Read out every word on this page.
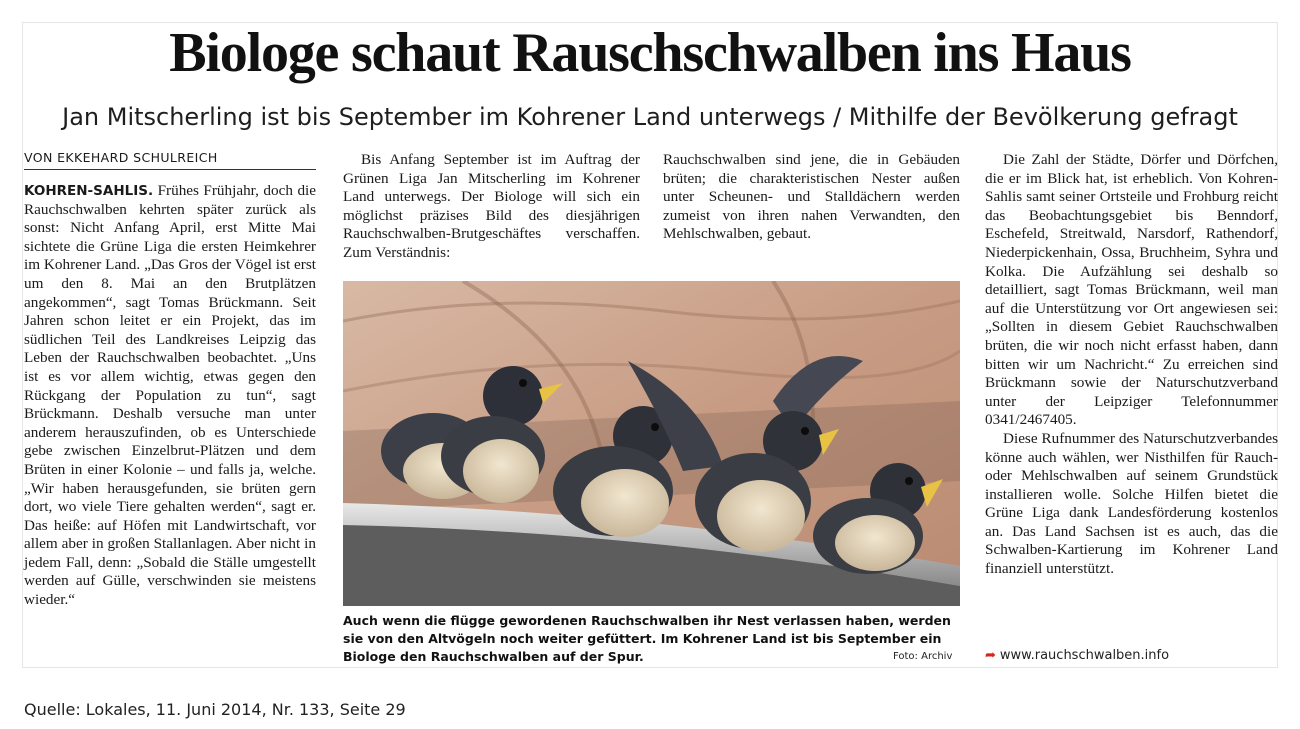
Biologe schaut Rauschschwalben ins Haus
Jan Mitscherling ist bis September im Kohrener Land unterwegs / Mithilfe der Bevölkerung gefragt
VON EKKEHARD SCHULREICH

KOHREN-SAHLIS. Frühes Frühjahr, doch die Rauchschwalben kehrten später zurück als sonst: Nicht Anfang April, erst Mitte Mai sichtete die Grüne Liga die ersten Heimkehrer im Kohrener Land. „Das Gros der Vögel ist erst um den 8. Mai an den Brutplätzen angekommen“, sagt Tomas Brückmann. Seit Jahren schon leitet er ein Projekt, das im südlichen Teil des Landkreises Leipzig das Leben der Rauchschwalben beobachtet. „Uns ist es vor allem wichtig, etwas gegen den Rückgang der Population zu tun“, sagt Brückmann. Deshalb versuche man unter anderem herauszufinden, ob es Unterschiede gebe zwischen Einzelbrut-Plätzen und dem Brüten in einer Kolonie – und falls ja, welche. „Wir haben herausgefunden, sie brüten gern dort, wo viele Tiere gehalten werden“, sagt er. Das heiße: auf Höfen mit Landwirtschaft, vor allem aber in großen Stallanlagen. Aber nicht in jedem Fall, denn: „Sobald die Ställe umgestellt werden auf Gülle, verschwinden sie meistens wieder.“

Bis Anfang September ist im Auftrag der Grünen Liga Jan Mitscherling im Kohrener Land unterwegs. Der Biologe will sich ein möglichst präzises Bild des diesjährigen Rauchschwalben-Brutgeschäftes verschaffen. Zum Verständnis:

Rauchschwalben sind jene, die in Gebäuden brüten; die charakteristischen Nester außen unter Scheunen- und Stalldächern werden zumeist von ihren nahen Verwandten, den Mehlschwalben, gebaut.

Die Zahl der Städte, Dörfer und Dörfchen, die er im Blick hat, ist erheblich. Von Kohren-Sahlis samt seiner Ortsteile und Frohburg reicht das Beobachtungsgebiet bis Benndorf, Eschefeld, Streitwald, Narsdorf, Rathendorf, Niederpickenhain, Ossa, Bruchheim, Syhra und Kolka. Die Aufzählung sei deshalb so detailliert, sagt Tomas Brückmann, weil man auf die Unterstützung vor Ort angewiesen sei: „Sollten in diesem Gebiet Rauchschwalben brüten, die wir noch nicht erfasst haben, dann bitten wir um Nachricht.“ Zu erreichen sind Brückmann sowie der Naturschutzverband unter der Leipziger Telefonnummer 0341/2467405.

Diese Rufnummer des Naturschutzverbandes könne auch wählen, wer Nisthilfen für Rauch- oder Mehlschwalben auf seinem Grundstück installieren wolle. Solche Hilfen bietet die Grüne Liga dank Landesförderung kostenlos an. Das Land Sachsen ist es auch, das die Schwalben-Kartierung im Kohrener Land finanziell unterstützt.

Auch wenn die flügge gewordenen Rauchschwalben ihr Nest verlassen haben, werden sie von den Altvögeln noch weiter gefüttert. Im Kohrener Land ist bis September ein Biologe den Rauchschwalben auf der Spur.	Foto: Archiv	➦ www.rauchschwalben.info
Quelle: Lokales, 11. Juni 2014, Nr. 133, Seite 29
